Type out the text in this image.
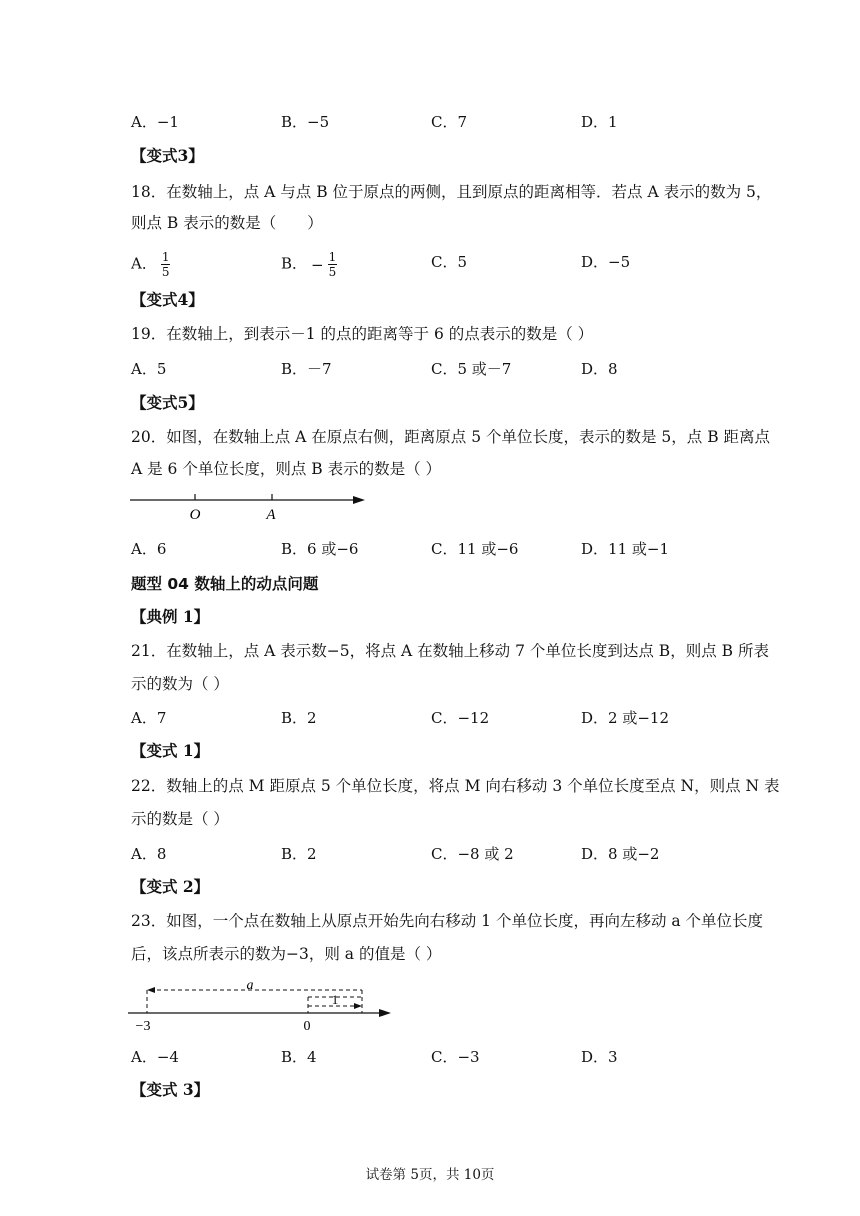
A．−1	B．−5	C．7	D．1
【变式3】
18．在数轴上，点 A 与点 B 位于原点的两侧，且到原点的距离相等．若点 A 表示的数为 5，
则点 B 表示的数是（　　）
A． $\frac{1}{5}$	B． − $\frac{1}{5}$	C．5	D．−5
【变式4】
19．在数轴上，到表示－1 的点的距离等于 6 的点表示的数是（ ）
A．5	B．－7	C．5 或－7	D．8
【变式5】
20．如图，在数轴上点 A 在原点右侧，距离原点 5 个单位长度，表示的数是 5，点 B 距离点
A 是 6 个单位长度，则点 B 表示的数是（ ）
O	A
A．6	B．6 或−6	C．11 或−6	D．11 或−1
题型 04 数轴上的动点问题
【典例 1】
21．在数轴上，点 A 表示数−5，将点 A 在数轴上移动 7 个单位长度到达点 B，则点 B 所表
示的数为（ ）
A．7	B．2	C．−12	D．2 或−12
【变式 1】
22．数轴上的点 M 距原点 5 个单位长度，将点 M 向右移动 3 个单位长度至点 N，则点 N 表
示的数是（ ）
A．8	B．2	C．−8 或 2	D．8 或−2
【变式 2】
23．如图，一个点在数轴上从原点开始先向右移动 1 个单位长度，再向左移动 a 个单位长度
后，该点所表示的数为−3，则 a 的值是（ ）
a
1
−3	0
A．−4	B．4	C．−3	D．3
【变式 3】
试卷第 5页，共 10页
